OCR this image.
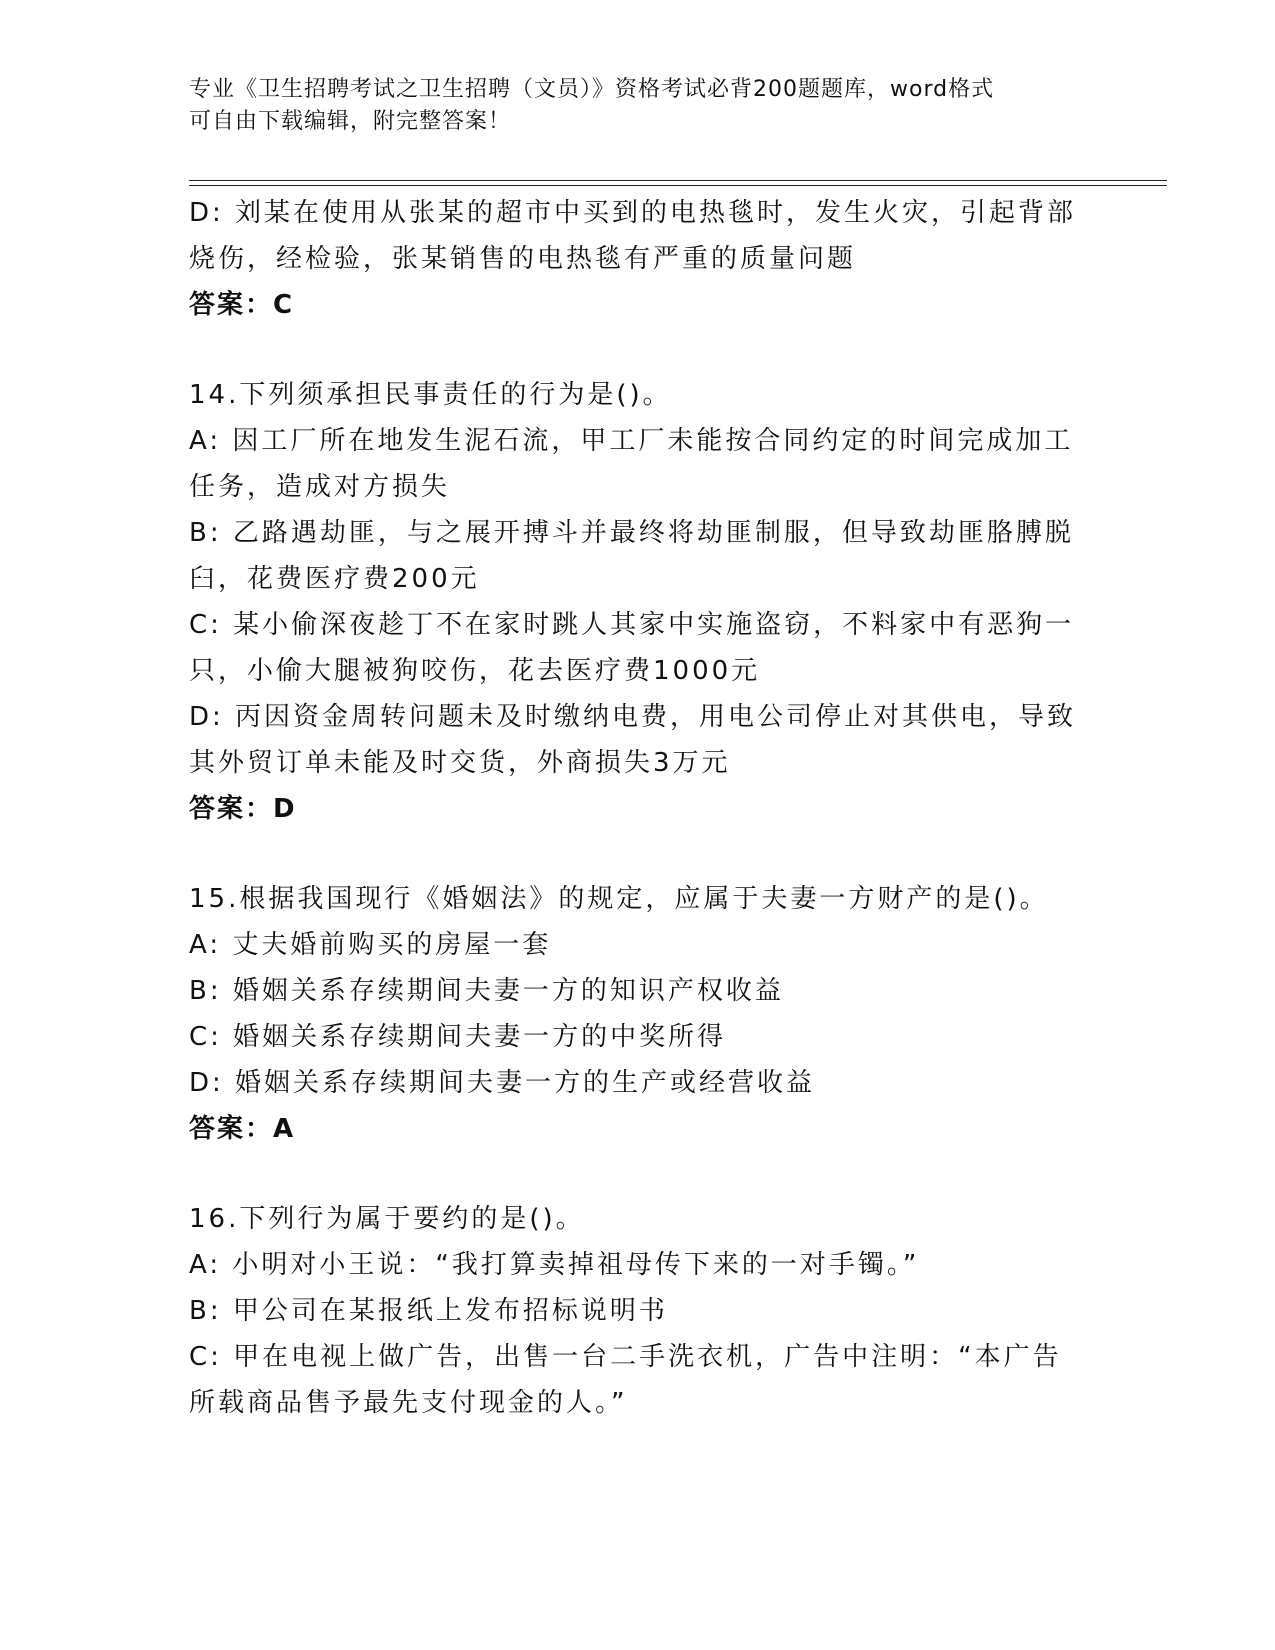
专业《卫生招聘考试之卫生招聘（文员）》资格考试必背200题题库，word格式
可自由下载编辑，附完整答案！
D: 刘某在使用从张某的超市中买到的电热毯时，发生火灾，引起背部
烧伤，经检验，张某销售的电热毯有严重的质量问题
答案：C
14.下列须承担民事责任的行为是()。
A: 因工厂所在地发生泥石流，甲工厂未能按合同约定的时间完成加工
任务，造成对方损失
B: 乙路遇劫匪，与之展开搏斗并最终将劫匪制服，但导致劫匪胳膊脱
臼，花费医疗费200元
C: 某小偷深夜趁丁不在家时跳人其家中实施盗窃，不料家中有恶狗一
只，小偷大腿被狗咬伤，花去医疗费1000元
D: 丙因资金周转问题未及时缴纳电费，用电公司停止对其供电，导致
其外贸订单未能及时交货，外商损失3万元
答案：D
15.根据我国现行《婚姻法》的规定，应属于夫妻一方财产的是()。
A: 丈夫婚前购买的房屋一套
B: 婚姻关系存续期间夫妻一方的知识产权收益
C: 婚姻关系存续期间夫妻一方的中奖所得
D: 婚姻关系存续期间夫妻一方的生产或经营收益
答案：A
16.下列行为属于要约的是()。
A: 小明对小王说：“我打算卖掉祖母传下来的一对手镯。”
B: 甲公司在某报纸上发布招标说明书
C: 甲在电视上做广告，出售一台二手洗衣机，广告中注明：“本广告
所载商品售予最先支付现金的人。”
